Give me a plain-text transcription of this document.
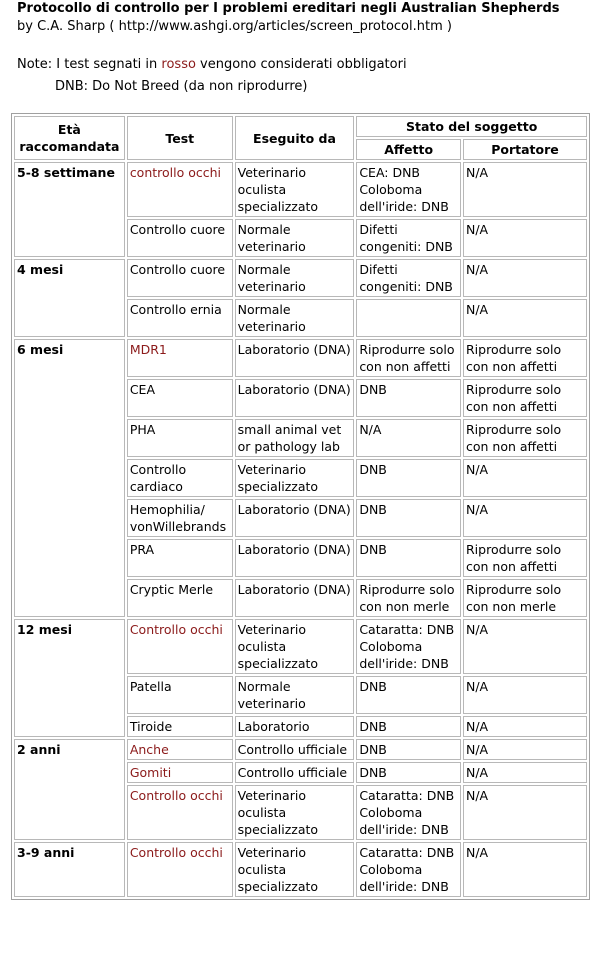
Protocollo di controllo per I problemi ereditari negli Australian Shepherds
by C.A. Sharp ( http://www.ashgi.org/articles/screen_protocol.htm )
Note: I test segnati in rosso vengono considerati obbligatori
DNB: Do Not Breed (da non riprodurre)
Età raccomandata	Test	Eseguito da	Stato del soggetto	
			Affetto	Portatore
5-8 settimane	controllo occhi	Veterinario oculista specializzato	CEA: DNB Coloboma dell'iride: DNB	N/A
	Controllo cuore	Normale veterinario	Difetti congeniti: DNB	N/A
4 mesi	Controllo cuore	Normale veterinario	Difetti congeniti: DNB	N/A
	Controllo ernia	Normale veterinario		N/A
6 mesi	MDR1	Laboratorio (DNA)	Riprodurre solo con non affetti	Riprodurre solo con non affetti
	CEA	Laboratorio (DNA)	DNB	Riprodurre solo con non affetti
	PHA	small animal vet or pathology lab	N/A	Riprodurre solo con non affetti
	Controllo cardiaco	Veterinario specializzato	DNB	N/A
	Hemophilia/ vonWillebrands	Laboratorio (DNA)	DNB	N/A
	PRA	Laboratorio (DNA)	DNB	Riprodurre solo con non affetti
	Cryptic Merle	Laboratorio (DNA)	Riprodurre solo con non merle	Riprodurre solo con non merle
12 mesi	Controllo occhi	Veterinario oculista specializzato	Cataratta: DNB Coloboma dell'iride: DNB	N/A
	Patella	Normale veterinario	DNB	N/A
	Tiroide	Laboratorio	DNB	N/A
2 anni	Anche	Controllo ufficiale	DNB	N/A
	Gomiti	Controllo ufficiale	DNB	N/A
	Controllo occhi	Veterinario oculista specializzato	Cataratta: DNB Coloboma dell'iride: DNB	N/A
3-9 anni	Controllo occhi	Veterinario oculista specializzato	Cataratta: DNB Coloboma dell'iride: DNB	N/A
